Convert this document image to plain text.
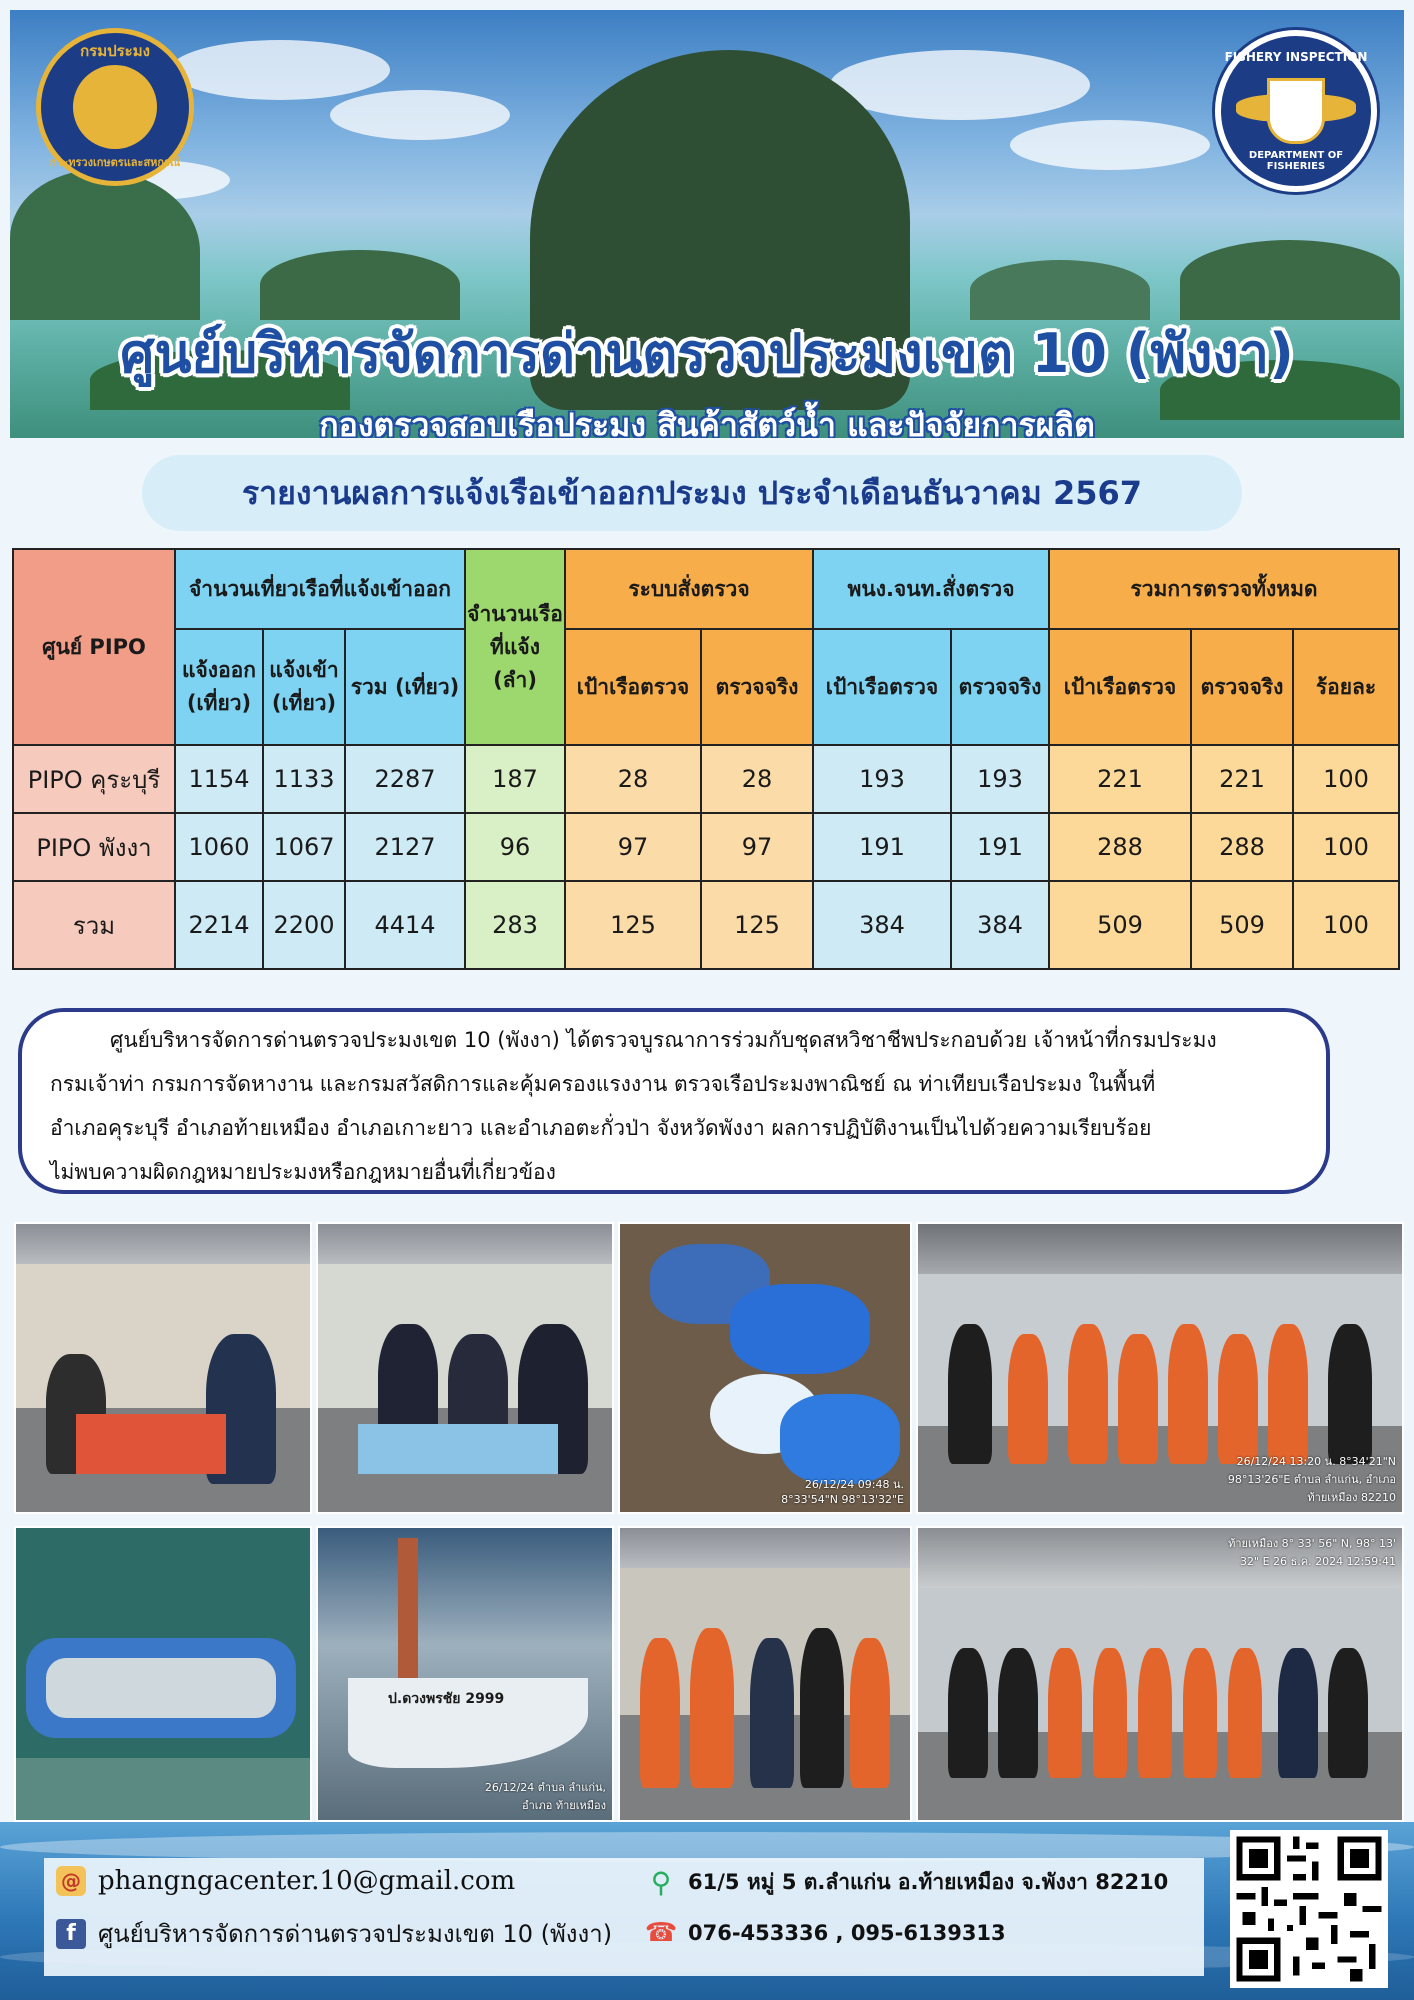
กรมประมง
กระทรวงเกษตรและสหกรณ์
FISHERY INSPECTION
DEPARTMENT OF FISHERIES
ศูนย์บริหารจัดการด่านตรวจประมงเขต 10 (พังงา)
กองตรวจสอบเรือประมง สินค้าสัตว์น้ำ และปัจจัยการผลิต
รายงานผลการแจ้งเรือเข้าออกประมง ประจำเดือนธันวาคม 2567
ศูนย์ PIPO	จำนวนเที่ยวเรือที่แจ้งเข้าออก			จำนวนเรือที่แจ้ง (ลำ)	ระบบสั่งตรวจ		พนง.จนท.สั่งตรวจ		รวมการตรวจทั้งหมด		
	แจ้งออก (เที่ยว)	แจ้งเข้า (เที่ยว)	รวม (เที่ยว)		เป้าเรือตรวจ	ตรวจจริง	เป้าเรือตรวจ	ตรวจจริง	เป้าเรือตรวจ	ตรวจจริง	ร้อยละ
PIPO คุระบุรี	1154	1133	2287	187	28	28	193	193	221	221	100
PIPO พังงา	1060	1067	2127	96	97	97	191	191	288	288	100
รวม	2214	2200	4414	283	125	125	384	384	509	509	100

ศูนย์บริหารจัดการด่านตรวจประมงเขต 10 (พังงา) ได้ตรวจบูรณาการร่วมกับชุดสหวิชาชีพประกอบด้วย เจ้าหน้าที่กรมประมง

กรมเจ้าท่า กรมการจัดหางาน และกรมสวัสดิการและคุ้มครองแรงงาน ตรวจเรือประมงพาณิชย์ ณ ท่าเทียบเรือประมง ในพื้นที่

อำเภอคุระบุรี อำเภอท้ายเหมือง อำเภอเกาะยาว และอำเภอตะกั่วป่า จังหวัดพังงา ผลการปฏิบัติงานเป็นไปด้วยความเรียบร้อย

ไม่พบความผิดกฎหมายประมงหรือกฎหมายอื่นที่เกี่ยวข้อง

26/12/24 09:48 น. 8°33'54"N 98°13'32"E
26/12/24 13:20 น. 8°34'21"N 98°13'26"E ตำบล ลำแก่น, อำเภอ ท้ายเหมือง 82210
ป.ดวงพรชัย 2999
26/12/24 ตำบล ลำแก่น, อำเภอ ท้ายเหมือง
ท้ายเหมือง 8° 33' 56" N, 98° 13' 32" E 26 ธ.ค. 2024 12:59:41
@ phangngacenter.10@gmail.com
f ศูนย์บริหารจัดการด่านตรวจประมงเขต 10 (พังงา)
⚲ 61/5 หมู่ 5 ต.ลำแก่น อ.ท้ายเหมือง จ.พังงา 82210
☎ 076-453336 , 095-6139313
